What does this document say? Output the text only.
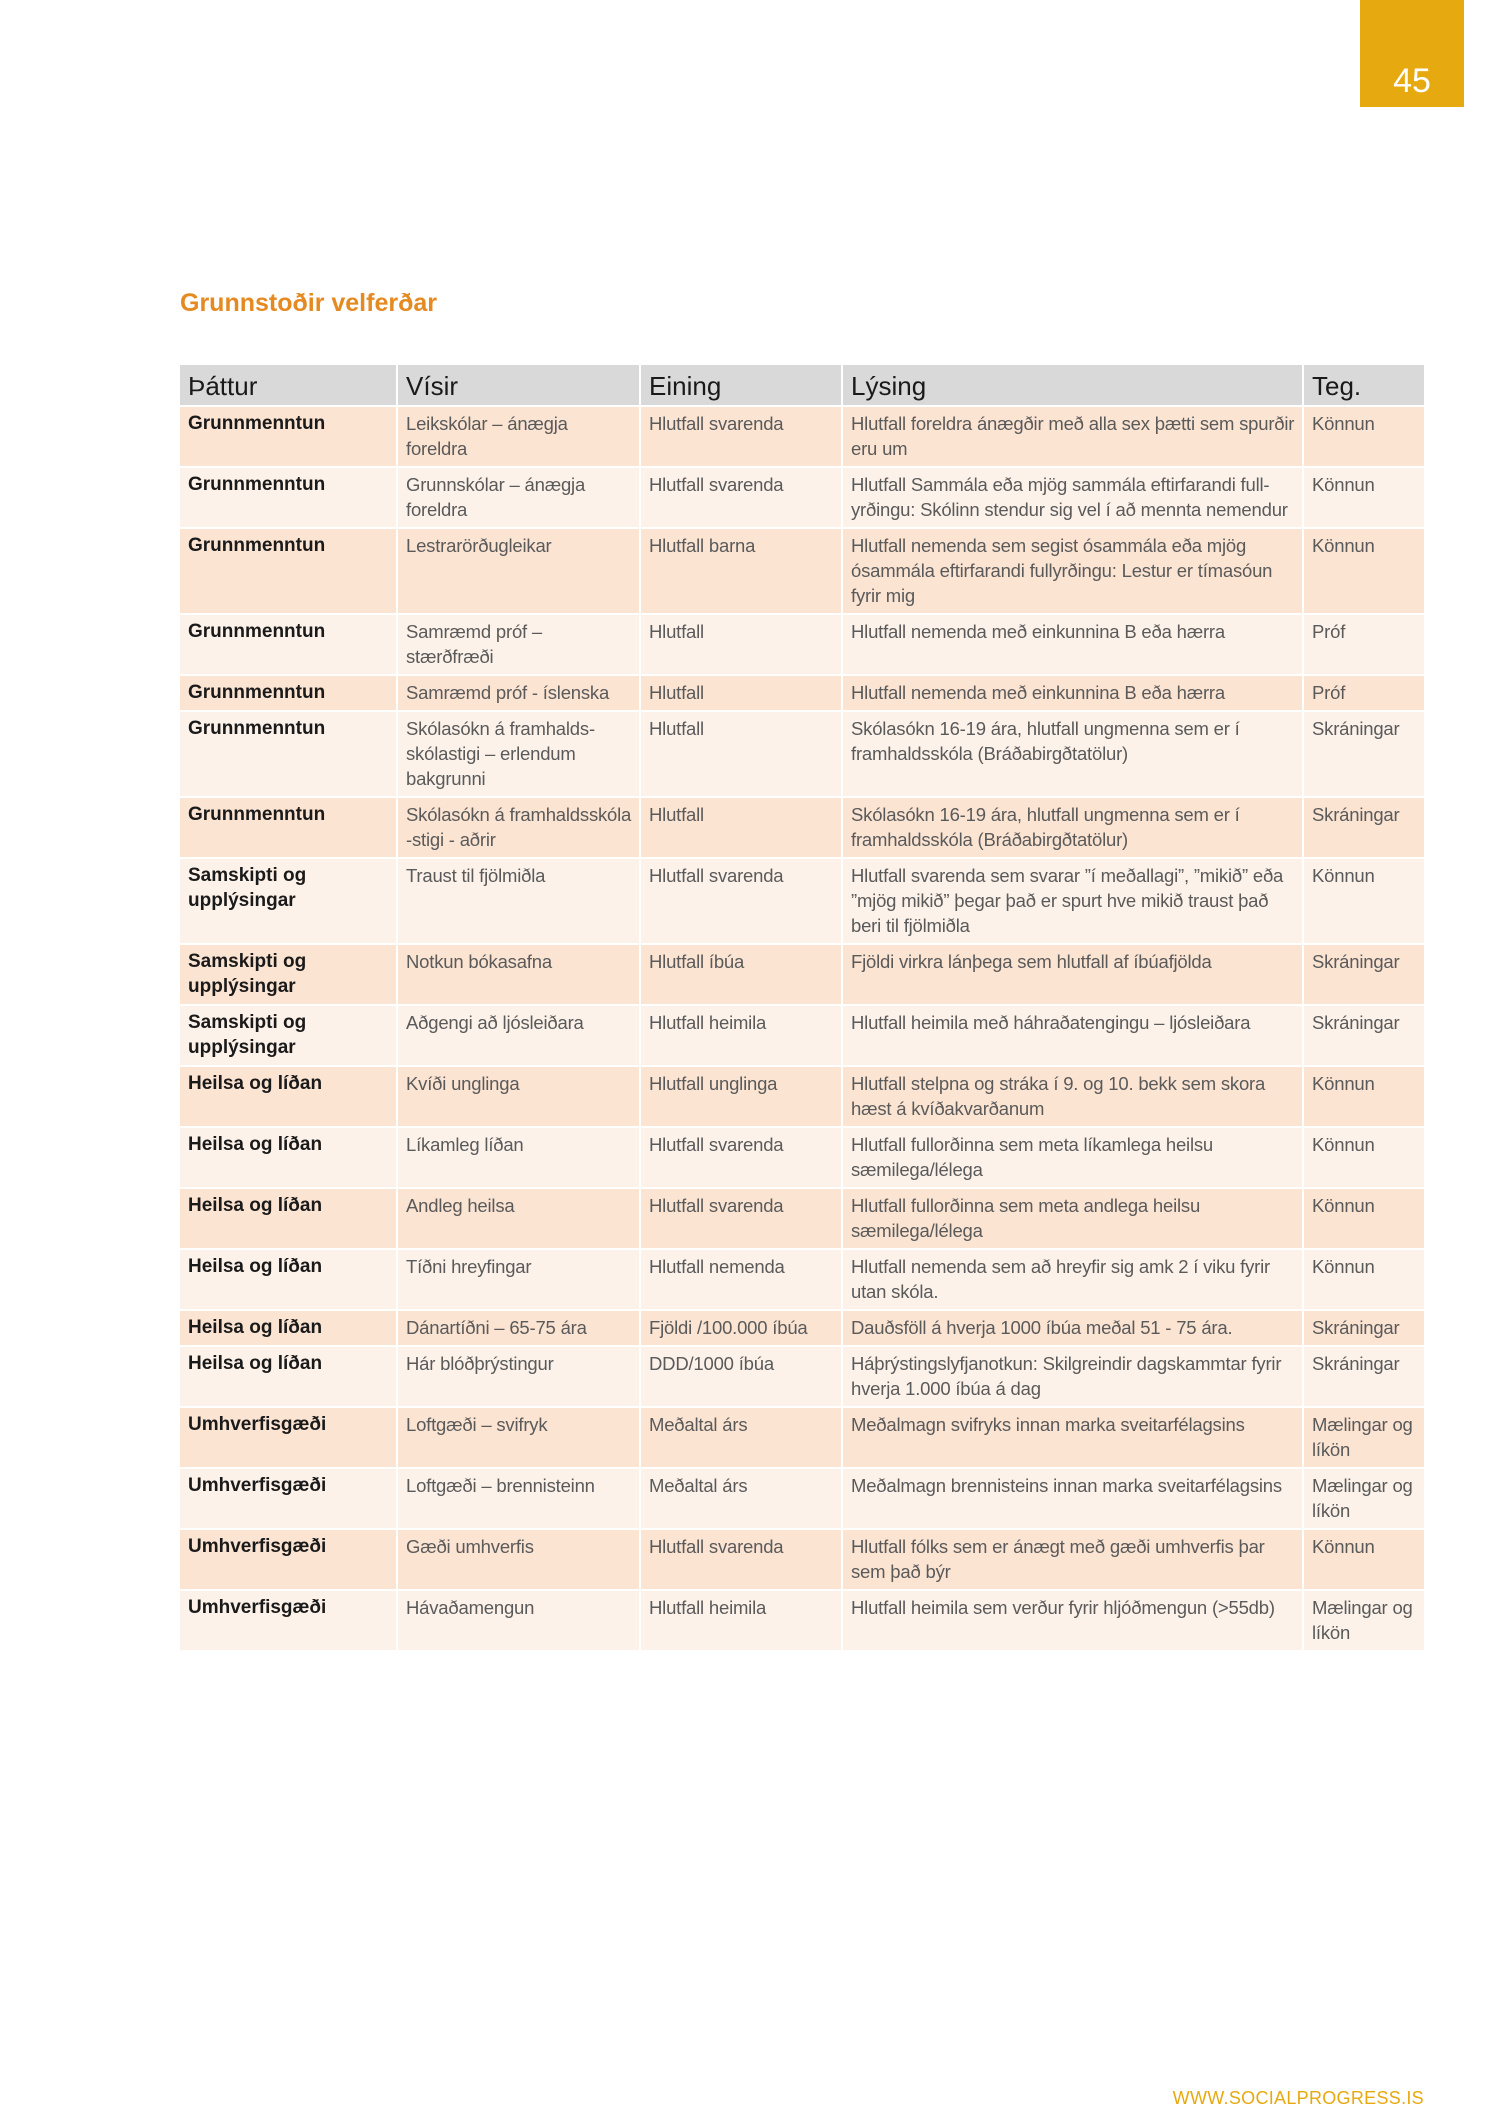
45
Grunnstoðir velferðar
Þáttur	Vísir	Eining	Lýsing	Teg.
Grunnmenntun	Leikskólar – ánægja foreldra	Hlutfall svarenda	Hlutfall foreldra ánægðir með alla sex þætti sem spurðir eru um	Könnun
Grunnmenntun	Grunnskólar – ánægja foreldra	Hlutfall svarenda	Hlutfall Sammála eða mjög sammála eftirfarandi full-yrðingu: Skólinn stendur sig vel í að mennta nemendur	Könnun
Grunnmenntun	Lestrarörðugleikar	Hlutfall barna	Hlutfall nemenda sem segist ósammála eða mjög ósammála eftirfarandi fullyrðingu: Lestur er tímasóun fyrir mig	Könnun
Grunnmenntun	Samræmd próf – stærðfræði	Hlutfall	Hlutfall nemenda með einkunnina B eða hærra	Próf
Grunnmenntun	Samræmd próf - íslenska	Hlutfall	Hlutfall nemenda með einkunnina B eða hærra	Próf
Grunnmenntun	Skólasókn á framhalds-skólastigi – erlendum bakgrunni	Hlutfall	Skólasókn 16-19 ára, hlutfall ungmenna sem er í framhaldsskóla (Bráðabirgðtatölur)	Skráningar
Grunnmenntun	Skólasókn á framhaldsskóla -stigi - aðrir	Hlutfall	Skólasókn 16-19 ára, hlutfall ungmenna sem er í framhaldsskóla (Bráðabirgðtatölur)	Skráningar
Samskipti og upplýsingar	Traust til fjölmiðla	Hlutfall svarenda	Hlutfall svarenda sem svarar ”í meðallagi”, ”mikið” eða ”mjög mikið” þegar það er spurt hve mikið traust það beri til fjölmiðla	Könnun
Samskipti og upplýsingar	Notkun bókasafna	Hlutfall íbúa	Fjöldi virkra lánþega sem hlutfall af íbúafjölda	Skráningar
Samskipti og upplýsingar	Aðgengi að ljósleiðara	Hlutfall heimila	Hlutfall heimila með háhraðatengingu – ljósleiðara	Skráningar
Heilsa og líðan	Kvíði unglinga	Hlutfall unglinga	Hlutfall stelpna og stráka í 9. og 10. bekk sem skora hæst á kvíðakvarðanum	Könnun
Heilsa og líðan	Líkamleg líðan	Hlutfall svarenda	Hlutfall fullorðinna sem meta líkamlega heilsu sæmilega/lélega	Könnun
Heilsa og líðan	Andleg heilsa	Hlutfall svarenda	Hlutfall fullorðinna sem meta andlega heilsu sæmilega/lélega	Könnun
Heilsa og líðan	Tíðni hreyfingar	Hlutfall nemenda	Hlutfall nemenda sem að hreyfir sig amk 2 í viku fyrir utan skóla.	Könnun
Heilsa og líðan	Dánartíðni – 65-75 ára	Fjöldi /100.000 íbúa	Dauðsföll á hverja 1000 íbúa meðal 51 - 75 ára.	Skráningar
Heilsa og líðan	Hár blóðþrýstingur	DDD/1000 íbúa	Háþrýstingslyfjanotkun: Skilgreindir dagskammtar fyrir hverja 1.000 íbúa á dag	Skráningar
Umhverfisgæði	Loftgæði – svifryk	Meðaltal árs	Meðalmagn svifryks innan marka sveitarfélagsins	Mælingar og líkön
Umhverfisgæði	Loftgæði – brennisteinn	Meðaltal árs	Meðalmagn brennisteins innan marka sveitarfélagsins	Mælingar og líkön
Umhverfisgæði	Gæði umhverfis	Hlutfall svarenda	Hlutfall fólks sem er ánægt með gæði umhverfis þar sem það býr	Könnun
Umhverfisgæði	Hávaðamengun	Hlutfall heimila	Hlutfall heimila sem verður fyrir hljóðmengun (>55db)	Mælingar og líkön
WWW.SOCIALPROGRESS.IS
